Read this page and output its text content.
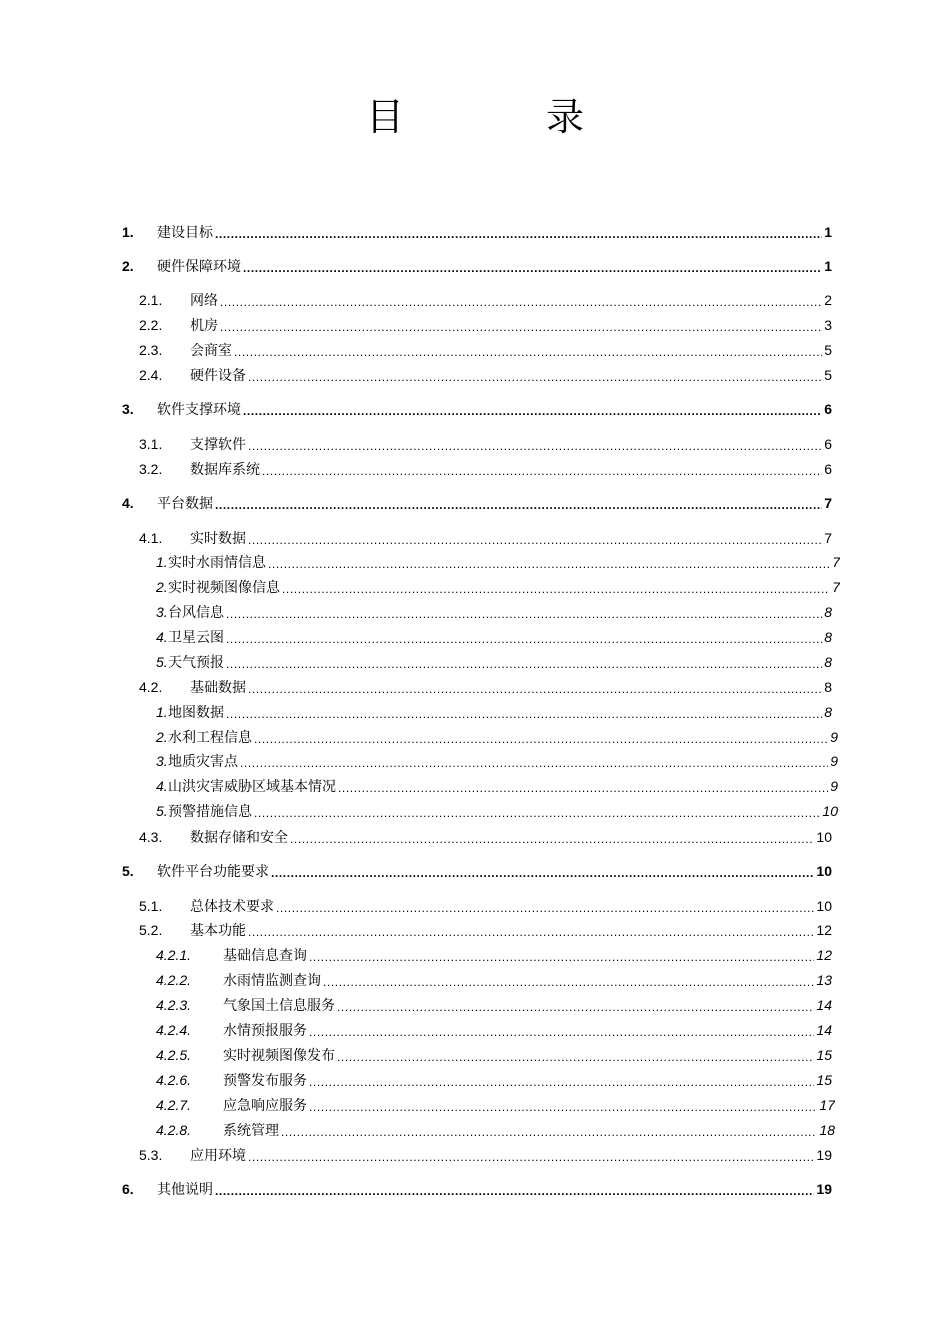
目　录
1.	建设目标 .....	1
2.	硬件保障环境 .....	1
2.1.	网络 .....	2
2.2.	机房 .....	3
2.3.	会商室 .....	5
2.4.	硬件设备 .....	5
3.	软件支撑环境 .....	6
3.1.	支撑软件 .....	6
3.2.	数据库系统 .....	6
4.	平台数据 .....	7
4.1.	实时数据 .....	7
1. 实时水雨情信息 .....	7
2. 实时视频图像信息 .....	7
3. 台风信息 .....	8
4. 卫星云图 .....	8
5. 天气预报 .....	8
4.2.	基础数据 .....	8
1. 地图数据 .....	8
2. 水利工程信息 .....	9
3. 地质灾害点 .....	9
4. 山洪灾害威胁区域基本情况 .....	9
5. 预警措施信息 .....	10
4.3.	数据存储和安全 .....	10
5.	软件平台功能要求 .....	10
5.1.	总体技术要求 .....	10
5.2.	基本功能 .....	12
4.2.1.	基础信息查询 .....	12
4.2.2.	水雨情监测查询 .....	13
4.2.3.	气象国土信息服务 .....	14
4.2.4.	水情预报服务 .....	14
4.2.5.	实时视频图像发布 .....	15
4.2.6.	预警发布服务 .....	15
4.2.7.	应急响应服务 .....	17
4.2.8.	系统管理 .....	18
5.3.	应用环境 .....	19
6.	其他说明 .....	19
